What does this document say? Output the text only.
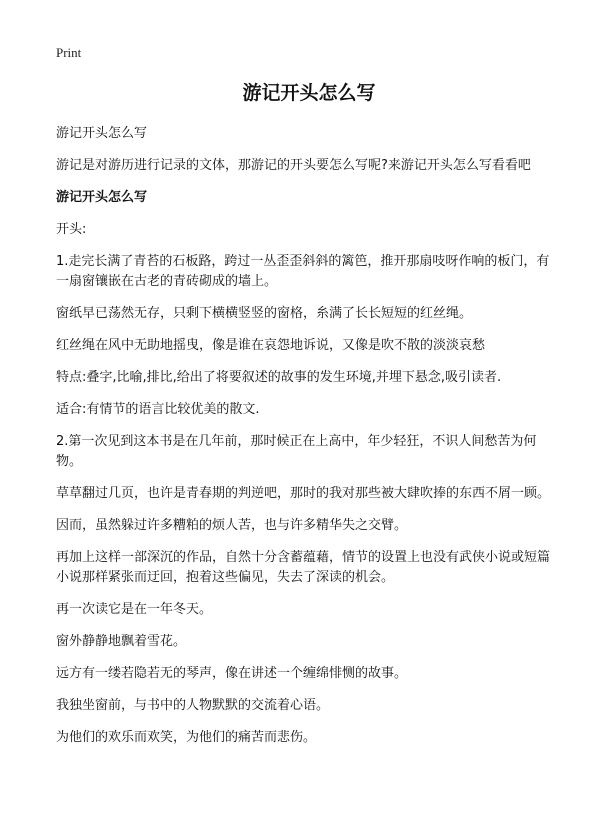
Print
游记开头怎么写

游记开头怎么写

游记是对游历进行记录的文体，那游记的开头要怎么写呢?来游记开头怎么写看看吧

游记开头怎么写

开头:

1.走完长满了青苔的石板路，跨过一丛歪歪斜斜的篱笆，推开那扇吱呀作响的板门，有一扇窗镶嵌在古老的青砖砌成的墙上。

窗纸早已荡然无存，只剩下横横竖竖的窗格，糸满了长长短短的红丝绳。

红丝绳在风中无助地摇曳，像是谁在哀怨地诉说，又像是吹不散的淡淡哀愁

特点:叠字,比喻,排比,给出了将要叙述的故事的发生环境,并埋下悬念,吸引读者.

适合:有情节的语言比较优美的散文.

2.第一次见到这本书是在几年前，那时候正在上高中，年少轻狂，不识人间愁苦为何物。

草草翻过几页，也许是青春期的判逆吧，那时的我对那些被大肆吹捧的东西不屑一顾。

因而，虽然躲过许多糟粕的烦人苦，也与许多精华失之交臂。

再加上这样一部深沉的作品，自然十分含蓄蕴藉，情节的设置上也没有武侠小说或短篇小说那样紧张而迂回，抱着这些偏见，失去了深读的机会。

再一次读它是在一年冬天。

窗外静静地飘着雪花。

远方有一缕若隐若无的琴声，像在讲述一个缠绵悱恻的故事。

我独坐窗前，与书中的人物默默的交流着心语。

为他们的欢乐而欢笑，为他们的痛苦而悲伤。
